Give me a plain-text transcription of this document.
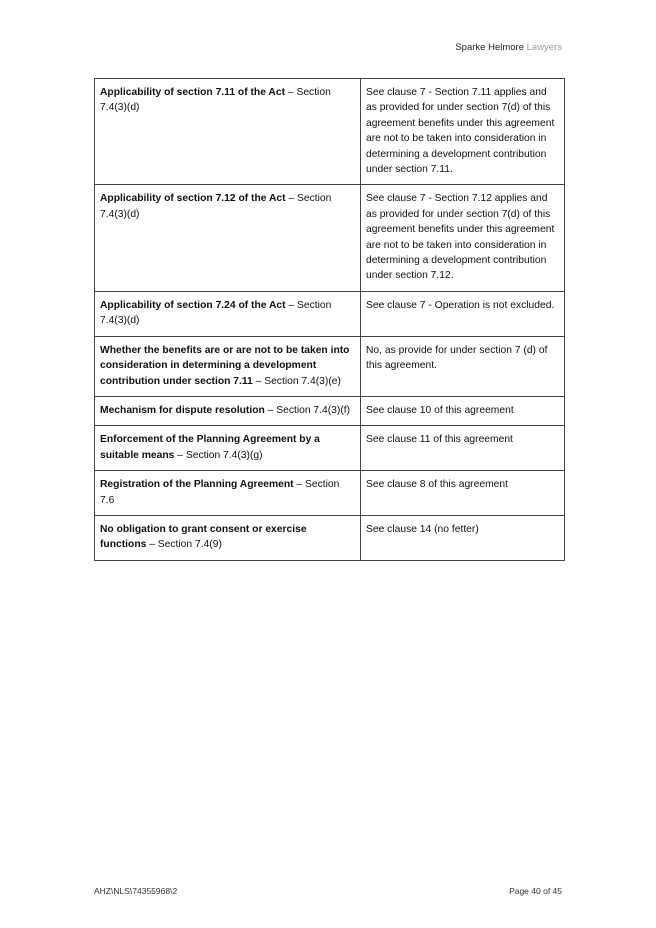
Sparke Helmore Lawyers
Applicability of section 7.11 of the Act – Section 7.4(3)(d)	See clause 7 - Section 7.11 applies and as provided for under section 7(d) of this agreement benefits under this agreement are not to be taken into consideration in determining a development contribution under section 7.11.
Applicability of section 7.12 of the Act – Section 7.4(3)(d)	See clause 7 - Section 7.12 applies and as provided for under section 7(d) of this agreement benefits under this agreement are not to be taken into consideration in determining a development contribution under section 7.12.
Applicability of section 7.24 of the Act – Section 7.4(3)(d)	See clause 7 - Operation is not excluded.
Whether the benefits are or are not to be taken into consideration in determining a development contribution under section 7.11 – Section 7.4(3)(e)	No, as provide for under section 7 (d) of this agreement.
Mechanism for dispute resolution – Section 7.4(3)(f)	See clause 10 of this agreement
Enforcement of the Planning Agreement by a suitable means – Section 7.4(3)(g)	See clause 11 of this agreement
Registration of the Planning Agreement – Section 7.6	See clause 8 of this agreement
No obligation to grant consent or exercise functions – Section 7.4(9)	See clause 14 (no fetter)
AHZ\NLS\74355968\2	Page 40 of 45
